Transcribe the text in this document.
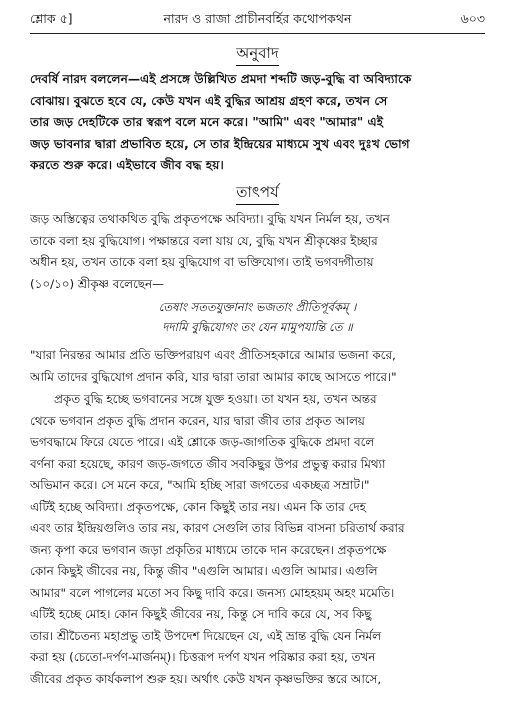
শ্লোক ৫]	নারদ ও রাজা প্রাচীনবর্হির কথোপকথন	৬০৩
অনুবাদ
দেবর্ষি নারদ বললেন—এই প্রসঙ্গে উল্লিখিত প্রমদা শব্দটি জড়-বুদ্ধি বা অবিদ্যাকে
বোঝায়। বুঝতে হবে যে, কেউ যখন এই বুদ্ধির আশ্রয় গ্রহণ করে, তখন সে
তার জড় দেহটিকে তার স্বরূপ বলে মনে করে। "আমি" এবং "আমার" এই
জড় ভাবনার দ্বারা প্রভাবিত হয়ে, সে তার ইন্দ্রিয়ের মাধ্যমে সুখ এবং দুঃখ ভোগ
করতে শুরু করে। এইভাবে জীব বদ্ধ হয়।
তাৎপর্য
জড় অস্তিত্বের তথাকথিত বুদ্ধি প্রকৃতপক্ষে অবিদ্যা। বুদ্ধি যখন নির্মল হয়, তখন
তাকে বলা হয় বুদ্ধিযোগ। পক্ষান্তরে বলা যায় যে, বুদ্ধি যখন শ্রীকৃষ্ণের ইচ্ছার
অধীন হয়, তখন তাকে বলা হয় বুদ্ধিযোগ বা ভক্তিযোগ। তাই ভগবদ্গীতায়
(১০/১০) শ্রীকৃষ্ণ বলেছেন—
তেষাং সততযুক্তানাং ভজতাং প্রীতিপূর্বকম্ ।
দদামি বুদ্ধিযোগং তং যেন মামুপযান্তি তে ॥
"যারা নিরন্তর আমার প্রতি ভক্তিপরায়ণ এবং প্রীতিসহকারে আমার ভজনা করে,
আমি তাদের বুদ্ধিযোগ প্রদান করি, যার দ্বারা তারা আমার কাছে আসতে পারে।"
প্রকৃত বুদ্ধি হচ্ছে ভগবানের সঙ্গে যুক্ত হওয়া। তা যখন হয়, তখন অন্তর
থেকে ভগবান প্রকৃত বুদ্ধি প্রদান করেন, যার দ্বারা জীব তার প্রকৃত আলয়
ভগবদ্ধামে ফিরে যেতে পারে। এই শ্লোকে জড়-জাগতিক বুদ্ধিকে প্রমদা বলে
বর্ণনা করা হয়েছে, কারণ জড়-জগতে জীব সবকিছুর উপর প্রভুত্ব করার মিথ্যা
অভিমান করে। সে মনে করে, "আমি হচ্ছি সারা জগতের একচ্ছত্র সম্রাট।"
এটিই হচ্ছে অবিদ্যা। প্রকৃতপক্ষে, কোন কিছুই তার নয়। এমন কি তার দেহ
এবং তার ইন্দ্রিয়গুলিও তার নয়, কারণ সেগুলি তার বিভিন্ন বাসনা চরিতার্থ করার
জন্য কৃপা করে ভগবান জড়া প্রকৃতির মাধ্যমে তাকে দান করেছেন। প্রকৃতপক্ষে
কোন কিছুই জীবের নয়, কিন্তু জীব "এগুলি আমার। এগুলি আমার। এগুলি
আমার" বলে পাগলের মতো সব কিছু দাবি করে। জনস্য মোহহয়ম্ অহং মমেতি।
এটিই হচ্ছে মোহ। কোন কিছুই জীবের নয়, কিন্তু সে দাবি করে যে, সব কিছু
তার। শ্রীচৈতন্য মহাপ্রভু তাই উপদেশ দিয়েছেন যে, এই ভ্রান্ত বুদ্ধি যেন নির্মল
করা হয় (চেতো-দর্পণ-মার্জনম্)। চিত্তরূপ দর্পণ যখন পরিষ্কার করা হয়, তখন
জীবের প্রকৃত কার্যকলাপ শুরু হয়। অর্থাৎ কেউ যখন কৃষ্ণভক্তির স্তরে আসে,
